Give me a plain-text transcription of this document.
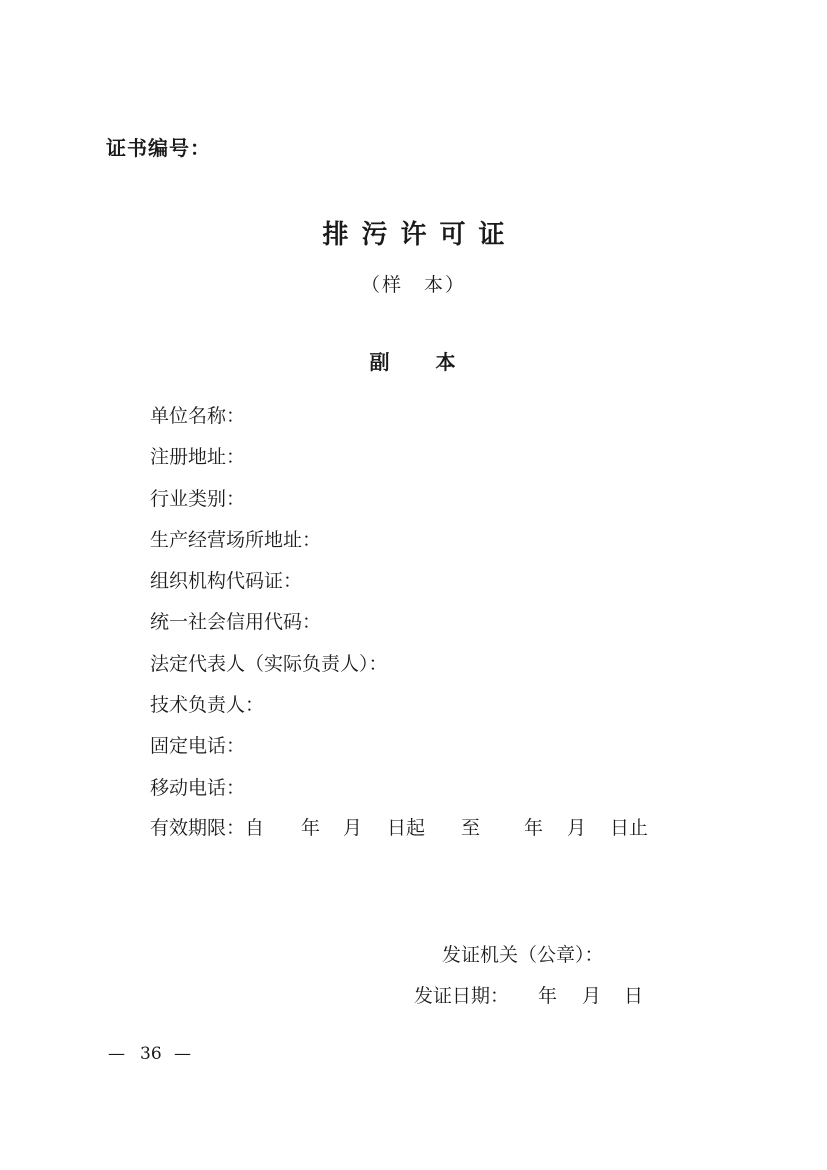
证书编号：
排污许可证
（样　本）
副　　本
单位名称：
注册地址：
行业类别：
生产经营场所地址：
组织机构代码证：
统一社会信用代码：
法定代表人（实际负责人）：
技术负责人：
固定电话：
移动电话：
有效期限：自 年 月 日起 至 年 月 日止
发证机关（公章）：
发证日期： 年 月 日
— 36 —
